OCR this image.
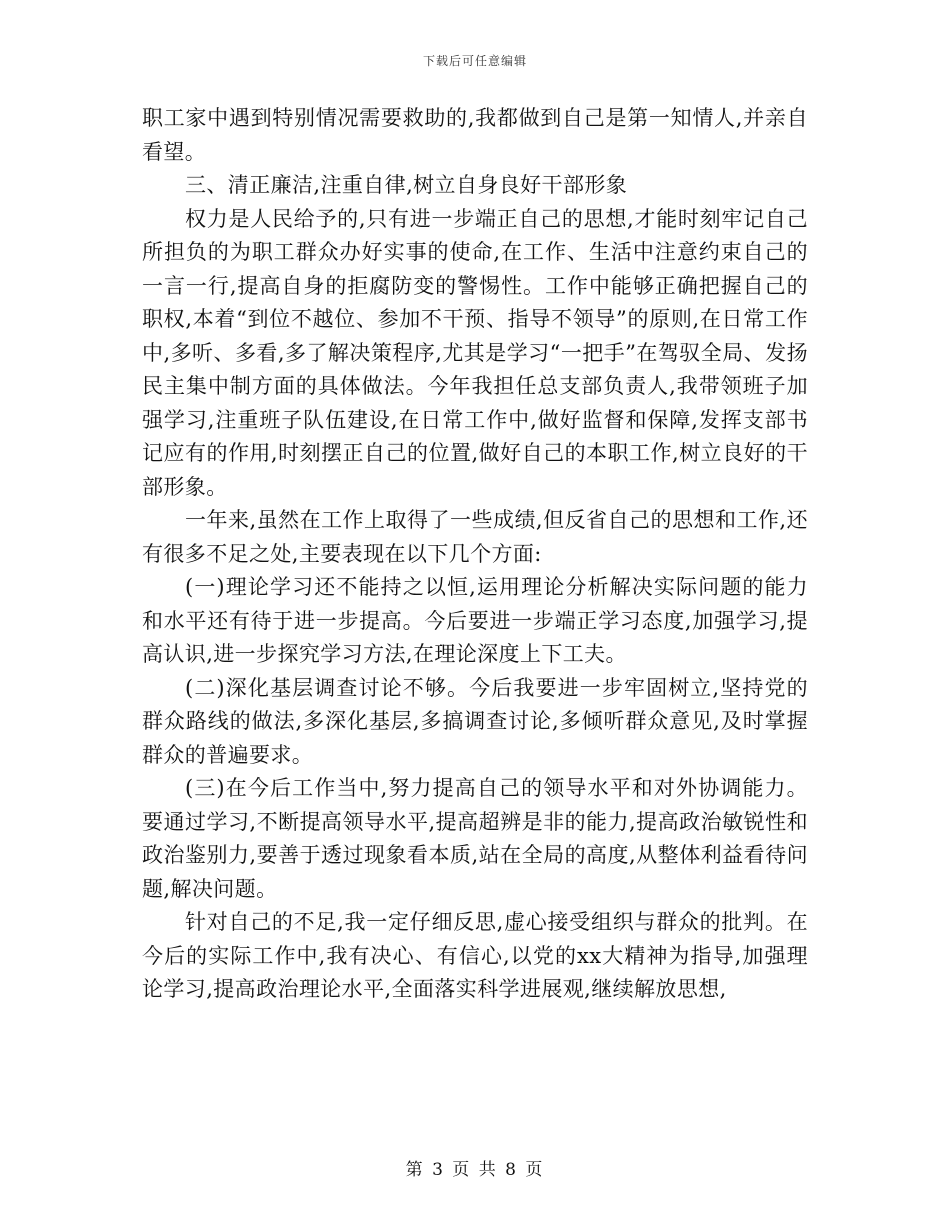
下载后可任意编辑

职工家中遇到特别情况需要救助的,我都做到自己是第一知情人,并亲自看望。

三、清正廉洁,注重自律,树立自身良好干部形象

权力是人民给予的,只有进一步端正自己的思想,才能时刻牢记自己所担负的为职工群众办好实事的使命,在工作、生活中注意约束自己的一言一行,提高自身的拒腐防变的警惕性。工作中能够正确把握自己的职权,本着“到位不越位、参加不干预、指导不领导”的原则,在日常工作中,多听、多看,多了解决策程序,尤其是学习“一把手”在驾驭全局、发扬民主集中制方面的具体做法。今年我担任总支部负责人,我带领班子加强学习,注重班子队伍建设,在日常工作中,做好监督和保障,发挥支部书记应有的作用,时刻摆正自己的位置,做好自己的本职工作,树立良好的干部形象。

一年来,虽然在工作上取得了一些成绩,但反省自己的思想和工作,还有很多不足之处,主要表现在以下几个方面:

(一)理论学习还不能持之以恒,运用理论分析解决实际问题的能力和水平还有待于进一步提高。今后要进一步端正学习态度,加强学习,提高认识,进一步探究学习方法,在理论深度上下工夫。

(二)深化基层调查讨论不够。今后我要进一步牢固树立,坚持党的群众路线的做法,多深化基层,多搞调查讨论,多倾听群众意见,及时掌握群众的普遍要求。

(三)在今后工作当中,努力提高自己的领导水平和对外协调能力。要通过学习,不断提高领导水平,提高超辨是非的能力,提高政治敏锐性和政治鉴别力,要善于透过现象看本质,站在全局的高度,从整体利益看待问题,解决问题。

针对自己的不足,我一定仔细反思,虚心接受组织与群众的批判。在今后的实际工作中,我有决心、有信心,以党的xx大精神为指导,加强理论学习,提高政治理论水平,全面落实科学进展观,继续解放思想,

第 3 页 共 8 页
